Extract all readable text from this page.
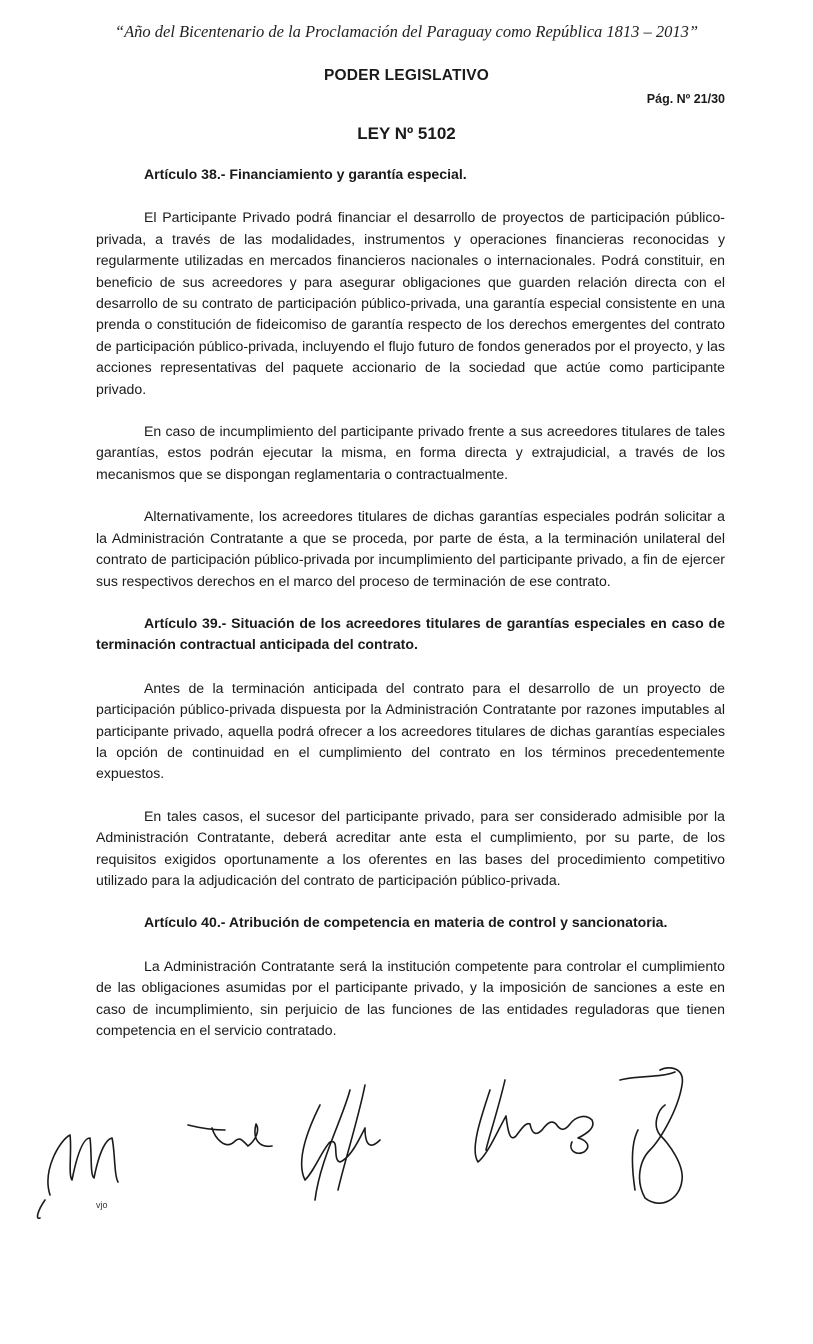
“Año del Bicentenario de la Proclamación del Paraguay como República 1813 – 2013”
PODER LEGISLATIVO
Pág. Nº 21/30
LEY Nº 5102

Artículo 38.- Financiamiento y garantía especial.

El Participante Privado podrá financiar el desarrollo de proyectos de participación público-privada, a través de las modalidades, instrumentos y operaciones financieras reconocidas y regularmente utilizadas en mercados financieros nacionales o internacionales. Podrá constituir, en beneficio de sus acreedores y para asegurar obligaciones que guarden relación directa con el desarrollo de su contrato de participación público-privada, una garantía especial consistente en una prenda o constitución de fideicomiso de garantía respecto de los derechos emergentes del contrato de participación público-privada, incluyendo el flujo futuro de fondos generados por el proyecto, y las acciones representativas del paquete accionario de la sociedad que actúe como participante privado.

En caso de incumplimiento del participante privado frente a sus acreedores titulares de tales garantías, estos podrán ejecutar la misma, en forma directa y extrajudicial, a través de los mecanismos que se dispongan reglamentaria o contractualmente.

Alternativamente, los acreedores titulares de dichas garantías especiales podrán solicitar a la Administración Contratante a que se proceda, por parte de ésta, a la terminación unilateral del contrato de participación público-privada por incumplimiento del participante privado, a fin de ejercer sus respectivos derechos en el marco del proceso de terminación de ese contrato.

Artículo 39.- Situación de los acreedores titulares de garantías especiales en caso de terminación contractual anticipada del contrato.

Antes de la terminación anticipada del contrato para el desarrollo de un proyecto de participación público-privada dispuesta por la Administración Contratante por razones imputables al participante privado, aquella podrá ofrecer a los acreedores titulares de dichas garantías especiales la opción de continuidad en el cumplimiento del contrato en los términos precedentemente expuestos.

En tales casos, el sucesor del participante privado, para ser considerado admisible por la Administración Contratante, deberá acreditar ante esta el cumplimiento, por su parte, de los requisitos exigidos oportunamente a los oferentes en las bases del procedimiento competitivo utilizado para la adjudicación del contrato de participación público-privada.

Artículo 40.- Atribución de competencia en materia de control y sancionatoria.

La Administración Contratante será la institución competente para controlar el cumplimiento de las obligaciones asumidas por el participante privado, y la imposición de sanciones a este en caso de incumplimiento, sin perjuicio de las funciones de las entidades reguladoras que tienen competencia en el servicio contratado.

vjo
